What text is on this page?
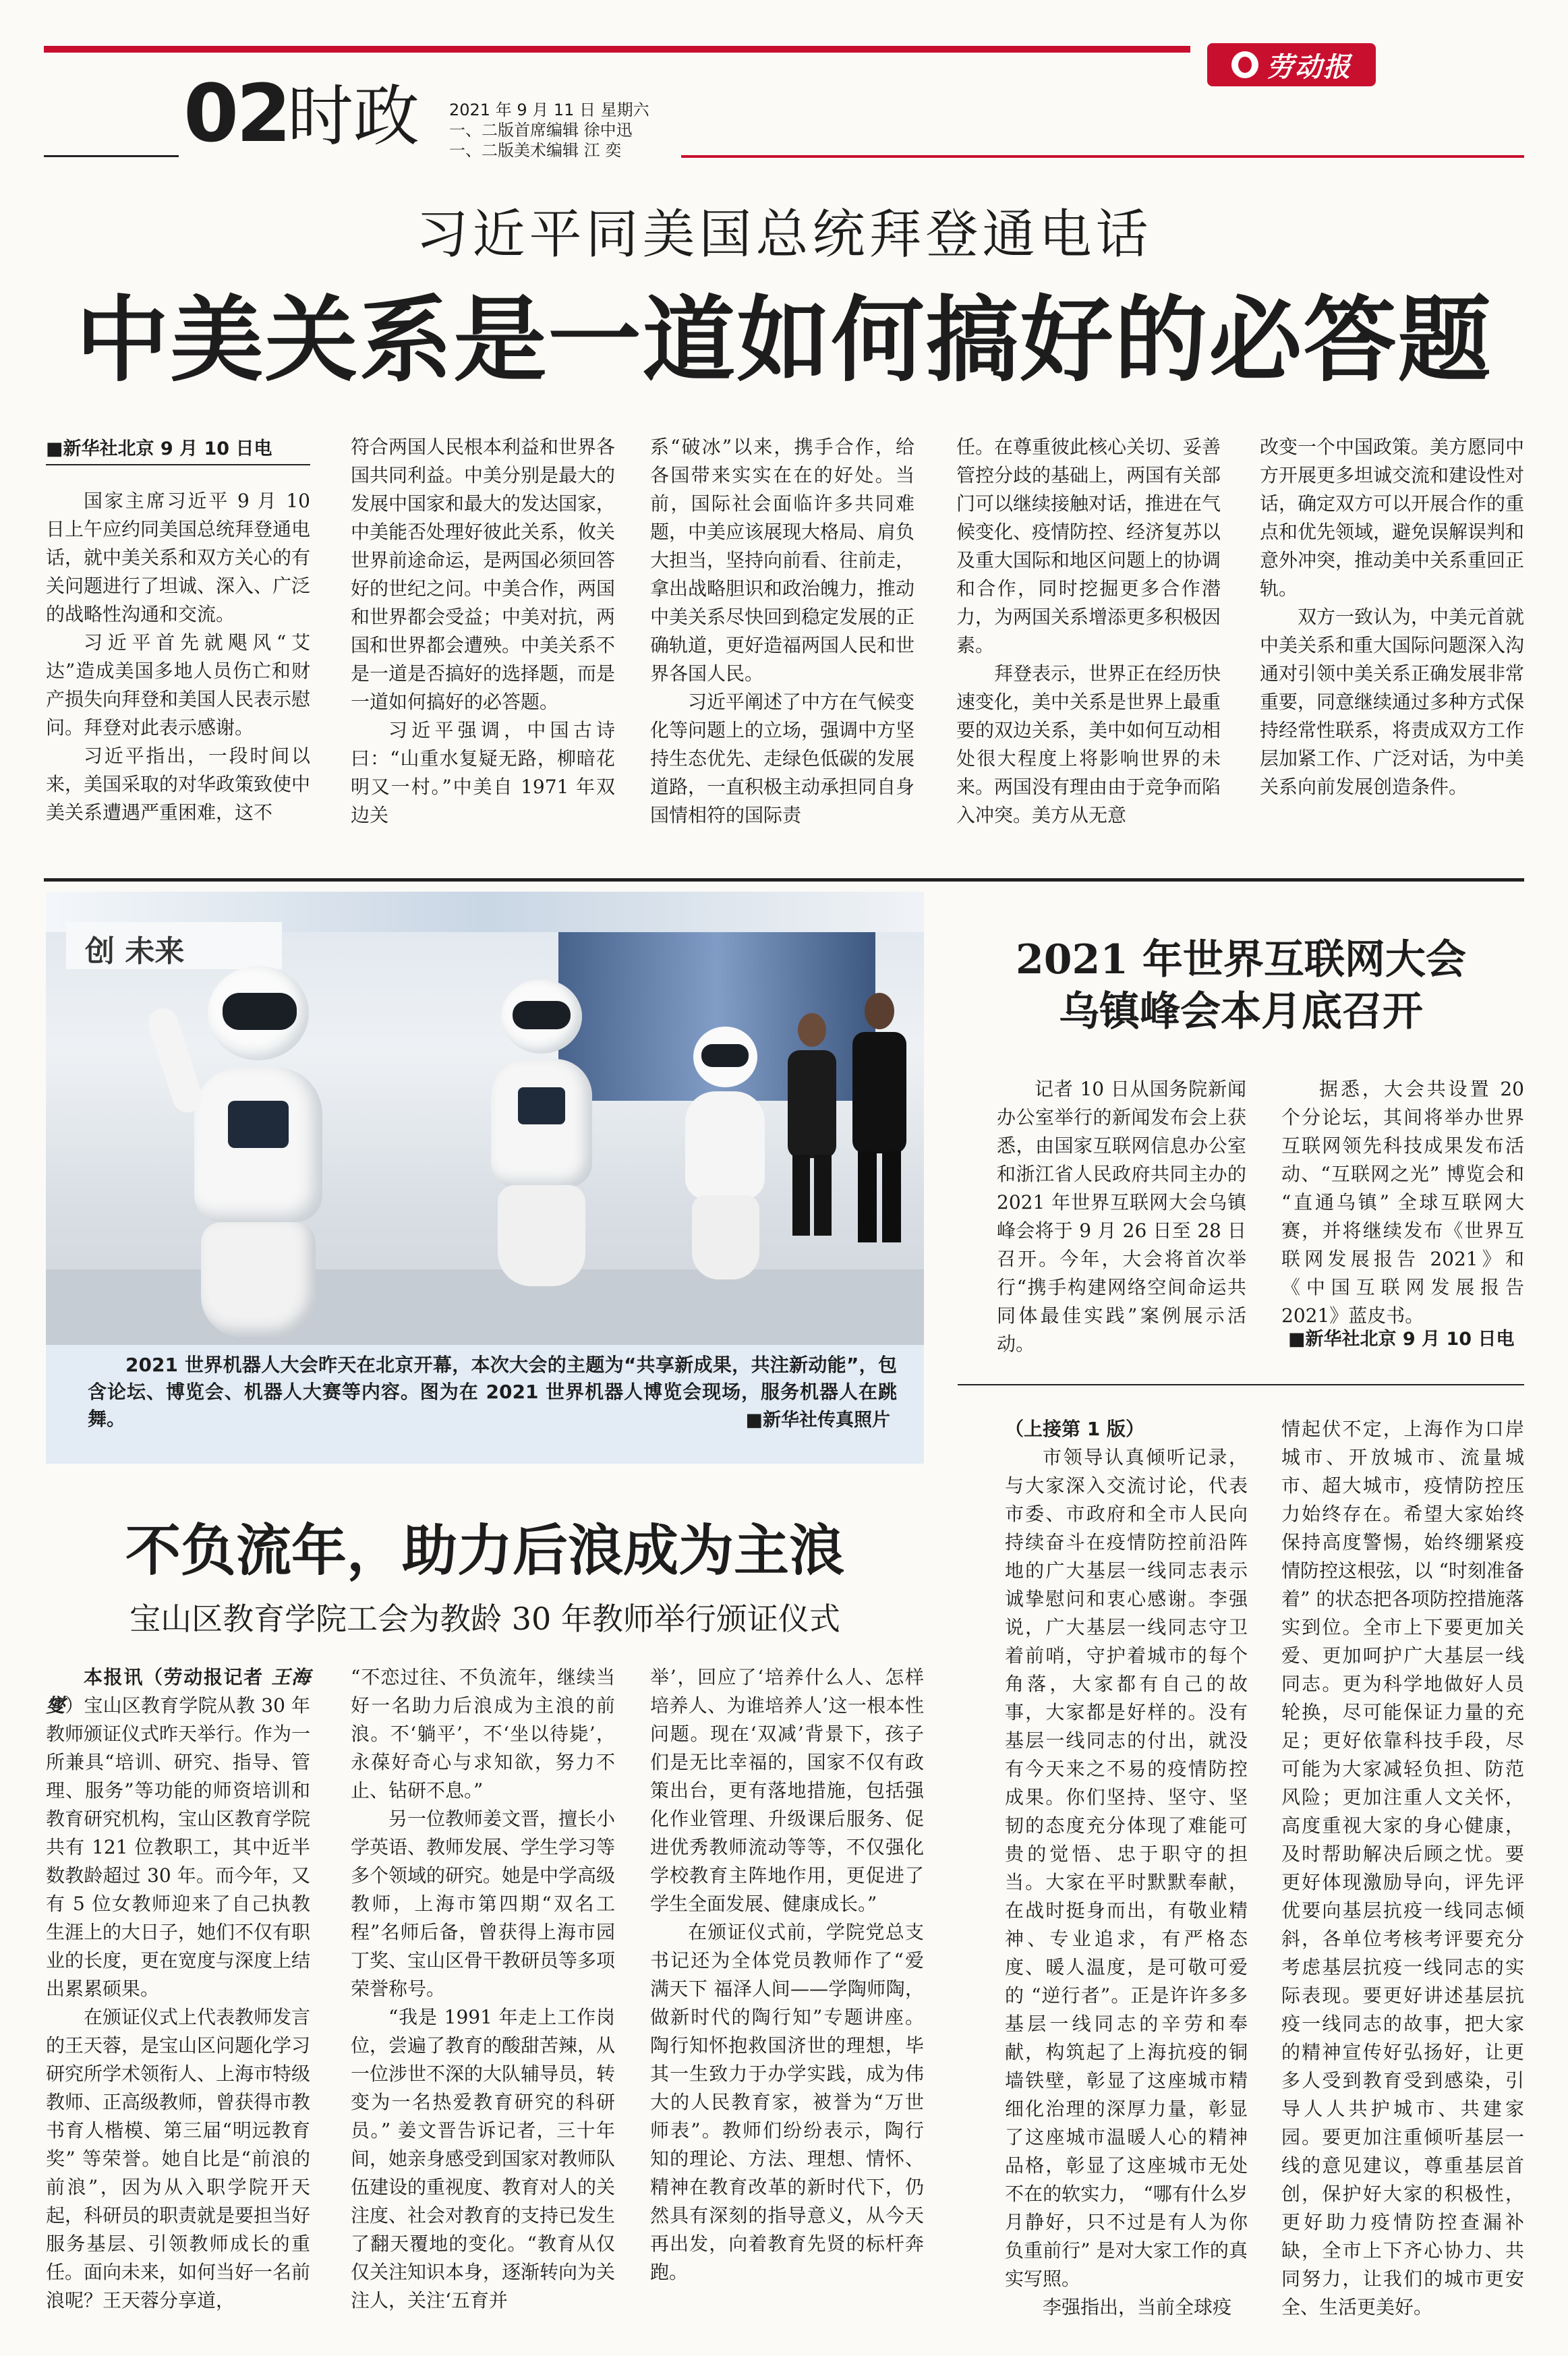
劳动报
02
时政 2021 年 9 月 11 日 星期六
一、二版首席编辑 徐中迅
一、二版美术编辑 江 奕
习近平同美国总统拜登通电话
中美关系是一道如何搞好的必答题
■新华社北京 9 月 10 日电

国家主席习近平 9 月 10 日上午应约同美国总统拜登通电话，就中美关系和双方关心的有关问题进行了坦诚、深入、广泛的战略性沟通和交流。

习近平首先就飓风“艾达”造成美国多地人员伤亡和财产损失向拜登和美国人民表示慰问。拜登对此表示感谢。

习近平指出，一段时间以来，美国采取的对华政策致使中美关系遭遇严重困难，这不

符合两国人民根本利益和世界各国共同利益。中美分别是最大的发展中国家和最大的发达国家，中美能否处理好彼此关系，攸关世界前途命运，是两国必须回答好的世纪之问。中美合作，两国和世界都会受益；中美对抗，两国和世界都会遭殃。中美关系不是一道是否搞好的选择题，而是一道如何搞好的必答题。

习近平强调，中国古诗曰：“山重水复疑无路，柳暗花明又一村。”中美自 1971 年双边关

系“破冰”以来，携手合作，给各国带来实实在在的好处。当前，国际社会面临许多共同难题，中美应该展现大格局、肩负大担当，坚持向前看、往前走，拿出战略胆识和政治魄力，推动中美关系尽快回到稳定发展的正确轨道，更好造福两国人民和世界各国人民。

习近平阐述了中方在气候变化等问题上的立场，强调中方坚持生态优先、走绿色低碳的发展道路，一直积极主动承担同自身国情相符的国际责

任。在尊重彼此核心关切、妥善管控分歧的基础上，两国有关部门可以继续接触对话，推进在气候变化、疫情防控、经济复苏以及重大国际和地区问题上的协调和合作，同时挖掘更多合作潜力，为两国关系增添更多积极因素。

拜登表示，世界正在经历快速变化，美中关系是世界上最重要的双边关系，美中如何互动相处很大程度上将影响世界的未来。两国没有理由由于竞争而陷入冲突。美方从无意

改变一个中国政策。美方愿同中方开展更多坦诚交流和建设性对话，确定双方可以开展合作的重点和优先领域，避免误解误判和意外冲突，推动美中关系重回正轨。

双方一致认为，中美元首就中美关系和重大国际问题深入沟通对引领中美关系正确发展非常重要，同意继续通过多种方式保持经常性联系，将责成双方工作层加紧工作、广泛对话，为中美关系向前发展创造条件。

创 未来
2021 世界机器人大会昨天在北京开幕，本次大会的主题为“共享新成果，共注新动能”，包含论坛、博览会、机器人大赛等内容。图为在 2021 世界机器人博览会现场，服务机器人在跳舞。	■新华社传真照片
2021 年世界互联网大会
乌镇峰会本月底召开

记者 10 日从国务院新闻办公室举行的新闻发布会上获悉，由国家互联网信息办公室和浙江省人民政府共同主办的 2021 年世界互联网大会乌镇峰会将于 9 月 26 日至 28 日召开。今年，大会将首次举行“携手构建网络空间命运共同体最佳实践”案例展示活动。

据悉，大会共设置 20 个分论坛，其间将举办世界互联网领先科技成果发布活动、“互联网之光” 博览会和 “直通乌镇” 全球互联网大赛，并将继续发布《世界互联网发展报告 2021》和《中国互联网发展报告 2021》蓝皮书。

■新华社北京 9 月 10 日电
不负流年，助力后浪成为主浪
宝山区教育学院工会为教龄 30 年教师举行颁证仪式

本报讯（劳动报记者 王海燮）宝山区教育学院从教 30 年教师颁证仪式昨天举行。作为一所兼具“培训、研究、指导、管理、服务”等功能的师资培训和教育研究机构，宝山区教育学院共有 121 位教职工，其中近半数教龄超过 30 年。而今年，又有 5 位女教师迎来了自己执教生涯上的大日子，她们不仅有职业的长度，更在宽度与深度上结出累累硕果。

在颁证仪式上代表教师发言的王天蓉，是宝山区问题化学习研究所学术领衔人、上海市特级教师、正高级教师，曾获得市教书育人楷模、第三届“明远教育奖” 等荣誉。她自比是“前浪的前浪”，因为从入职学院开天起，科研员的职责就是要担当好服务基层、引领教师成长的重任。面向未来，如何当好一名前浪呢？王天蓉分享道，

“不恋过往、不负流年，继续当好一名助力后浪成为主浪的前浪。不‘躺平’，不‘坐以待毙’，永葆好奇心与求知欲，努力不止、钻研不息。”

另一位教师姜文晋，擅长小学英语、教师发展、学生学习等多个领域的研究。她是中学高级教师，上海市第四期“双名工程”名师后备，曾获得上海市园丁奖、宝山区骨干教研员等多项荣誉称号。

“我是 1991 年走上工作岗位，尝遍了教育的酸甜苦辣，从一位涉世不深的大队辅导员，转变为一名热爱教育研究的科研员。” 姜文晋告诉记者，三十年间，她亲身感受到国家对教师队伍建设的重视度、教育对人的关注度、社会对教育的支持已发生了翻天覆地的变化。“教育从仅仅关注知识本身，逐渐转向为关注人，关注‘五育并

举’，回应了‘培养什么人、怎样培养人、为谁培养人’这一根本性问题。现在‘双减’背景下，孩子们是无比幸福的，国家不仅有政策出台，更有落地措施，包括强化作业管理、升级课后服务、促进优秀教师流动等等，不仅强化学校教育主阵地作用，更促进了学生全面发展、健康成长。”

在颁证仪式前，学院党总支书记还为全体党员教师作了“爱满天下 福泽人间——学陶师陶，做新时代的陶行知”专题讲座。陶行知怀抱救国济世的理想，毕其一生致力于办学实践，成为伟大的人民教育家，被誉为“万世师表”。教师们纷纷表示，陶行知的理论、方法、理想、情怀、精神在教育改革的新时代下，仍然具有深刻的指导意义，从今天再出发，向着教育先贤的标杆奔跑。

（上接第 1 版）

市领导认真倾听记录，与大家深入交流讨论，代表市委、市政府和全市人民向持续奋斗在疫情防控前沿阵地的广大基层一线同志表示诚挚慰问和衷心感谢。李强说，广大基层一线同志守卫着前哨，守护着城市的每个角落，大家都有自己的故事，大家都是好样的。没有基层一线同志的付出，就没有今天来之不易的疫情防控成果。你们坚持、坚守、坚韧的态度充分体现了难能可贵的觉悟、忠于职守的担当。大家在平时默默奉献，在战时挺身而出，有敬业精神、专业追求，有严格态度、暖人温度，是可敬可爱的 “逆行者”。正是许许多多基层一线同志的辛劳和奉献，构筑起了上海抗疫的铜墙铁壁，彰显了这座城市精细化治理的深厚力量，彰显了这座城市温暖人心的精神品格，彰显了这座城市无处不在的软实力， “哪有什么岁月静好，只不过是有人为你负重前行” 是对大家工作的真实写照。

李强指出，当前全球疫

情起伏不定，上海作为口岸城市、开放城市、流量城市、超大城市，疫情防控压力始终存在。希望大家始终保持高度警惕，始终绷紧疫情防控这根弦，以 “时刻准备着” 的状态把各项防控措施落实到位。全市上下要更加关爱、更加呵护广大基层一线同志。更为科学地做好人员轮换，尽可能保证力量的充足；更好依靠科技手段，尽可能为大家减轻负担、防范风险；更加注重人文关怀，高度重视大家的身心健康，及时帮助解决后顾之忧。要更好体现激励导向，评先评优要向基层抗疫一线同志倾斜，各单位考核考评要充分考虑基层抗疫一线同志的实际表现。要更好讲述基层抗疫一线同志的故事，把大家的精神宣传好弘扬好，让更多人受到教育受到感染，引导人人共护城市、共建家园。要更加注重倾听基层一线的意见建议，尊重基层首创，保护好大家的积极性，更好助力疫情防控查漏补缺，全市上下齐心协力、共同努力，让我们的城市更安全、生活更美好。
